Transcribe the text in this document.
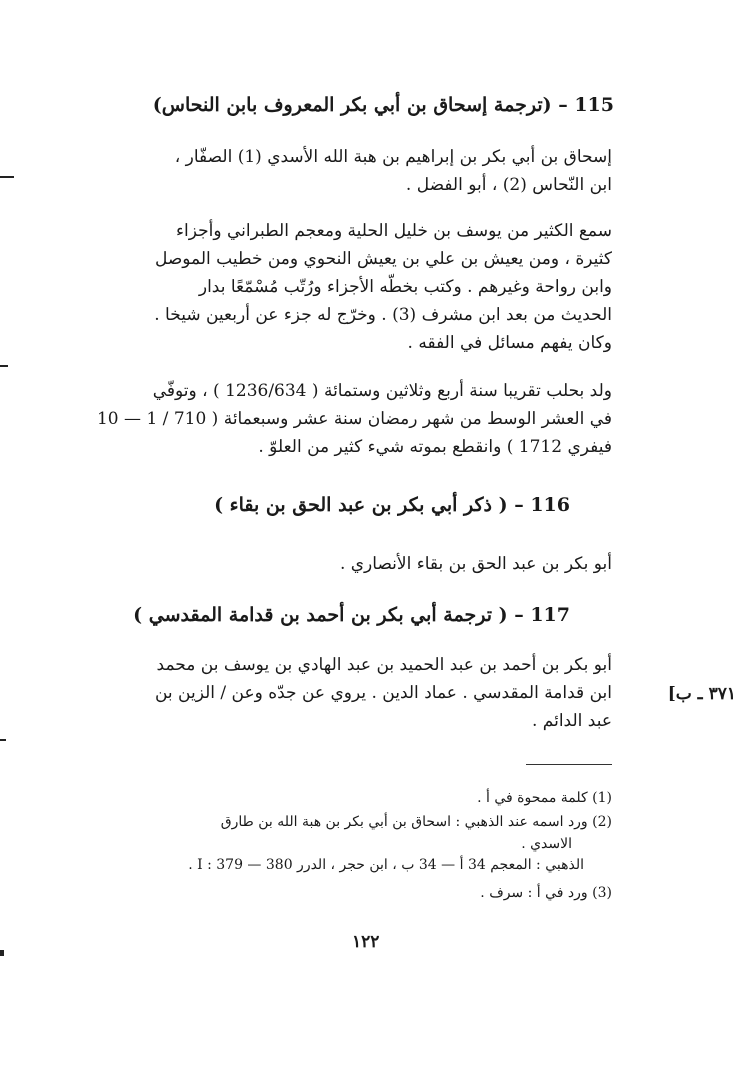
115 – (ترجمة إسحاق بن أبي بكر المعروف بابن النحاس)
إسحاق بن أبي بكر بن إبراهيم بن هبة الله الأسدي (1) الصفّار ،
ابن النّحاس (2) ، أبو الفضل .
سمع الكثير من يوسف بن خليل الحلية ومعجم الطبراني وأجزاء
كثيرة ، ومن يعيش بن علي بن يعيش النحوي ومن خطيب الموصل
وابن رواحة وغيرهم . وكتب بخطّه الأجزاء ورُتّب مُسْمّعًا بدار
الحديث من بعد ابن مشرف (3) . وخرّج له جزء عن أربعين شيخا .
وكان يفهم مسائل في الفقه .
ولد بحلب تقريبا سنة أربع وثلاثين وستمائة ( 1236/634 ) ، وتوفّي
في العشر الوسط من شهر رمضان سنة عشر وسبعمائة ( 710 / 1 — 10
فيفري 1712 ) وانقطع بموته شيء كثير من العلوّ .
116 – ( ذكر أبي بكر بن عبد الحق بن بقاء )
أبو بكر بن عبد الحق بن بقاء الأنصاري .
117 – ( ترجمة أبي بكر بن أحمد بن قدامة المقدسي )
أبو بكر بن أحمد بن عبد الحميد بن عبد الهادي بن يوسف بن محمد
ابن قدامة المقدسي . عماد الدين . يروي عن جدّه وعن / الزين بن
عبد الدائم .
٣٧١ ـ ب]
(1) كلمة ممحوة في أ .
(2) ورد اسمه عند الذهبي : اسحاق بن أبي بكر بن هبة الله بن طارق
الاسدي .
الذهبي : المعجم 34 أ — 34 ب ، ابن حجر ، الدرر I : 379 — 380 .
(3) ورد في أ : سرف .
١٢٢
